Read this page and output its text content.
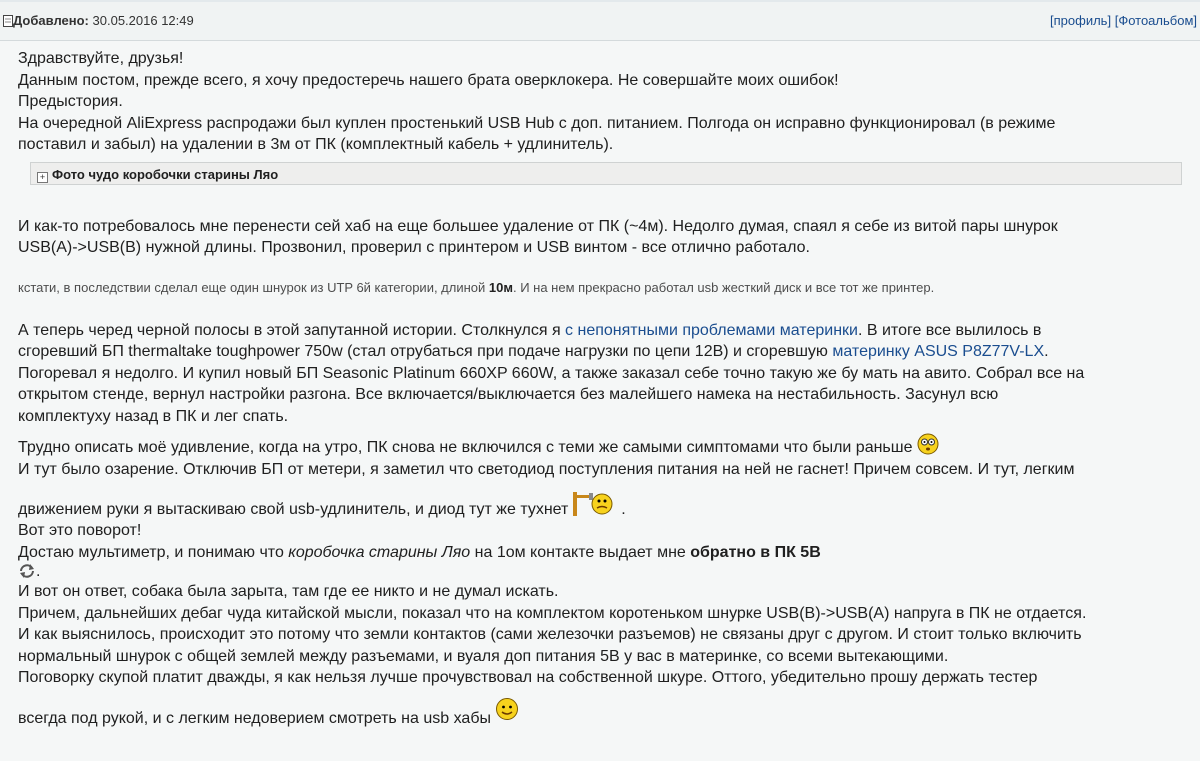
Добавлено: 30.05.2016 12:49	[профиль] [Фотоальбом]

Здравствуйте, друзья!

Данным постом, прежде всего, я хочу предостеречь нашего брата оверклокера. Не совершайте моих ошибок!

Предыстория.

На очередной AliExpress распродажи был куплен простенький USB Hub с доп. питанием. Полгода он исправно функционировал (в режиме
поставил и забыл) на удалении в 3м от ПК (комплектный кабель + удлинитель).

+ Фото чудо коробочки старины Ляо

И как-то потребовалось мне перенести сей хаб на еще большее удаление от ПК (~4м). Недолго думая, спаял я себе из витой пары шнурок
USB(A)->USB(B) нужной длины. Прозвонил, проверил с принтером и USB винтом - все отлично работало.

кстати, в последствии сделал еще один шнурок из UTP 6й категории, длиной 10м. И на нем прекрасно работал usb жесткий диск и все тот же принтер.

А теперь черед черной полосы в этой запутанной истории. Столкнулся я с непонятными проблемами материнки. В итоге все вылилось в
сгоревший БП thermaltake toughpower 750w (стал отрубаться при подаче нагрузки по цепи 12В) и сгоревшую материнку ASUS P8Z77V-LX.
Погоревал я недолго. И купил новый БП Seasonic Platinum 660XP 660W, а также заказал себе точно такую же бу мать на авито. Собрал все на
открытом стенде, вернул настройки разгона. Все включается/выключается без малейшего намека на нестабильность. Засунул всю
комплектуху назад в ПК и лег спать.

Трудно описать моё удивление, когда на утро, ПК снова не включился с теми же самыми симптомами что были раньше

И тут было озарение. Отключив БП от метери, я заметил что светодиод поступления питания на ней не гаснет! Причем совсем. И тут, легким
движением руки я вытаскиваю свой usb-удлинитель, и диод тут же тухнет	.

Вот это поворот!

Достаю мультиметр, и понимаю что коробочка старины Ляо на 1ом контакте выдает мне обратно в ПК 5В

.

И вот он ответ, собака была зарыта, там где ее никто и не думал искать.
Причем, дальнейших дебаг чуда китайской мысли, показал что на комплектом коротеньком шнурке USB(B)->USB(A) напруга в ПК не отдается.
И как выяснилось, происходит это потому что земли контактов (сами железочки разъемов) не связаны друг с другом. И стоит только включить
нормальный шнурок с общей землей между разъемами, и вуаля доп питания 5В у вас в материнке, со всеми вытекающими.
Поговорку скупой платит дважды, я как нельзя лучше прочувствовал на собственной шкуре. Оттого, убедительно прошу держать тестер

всегда под рукой, и с легким недоверием смотреть на usb хабы
